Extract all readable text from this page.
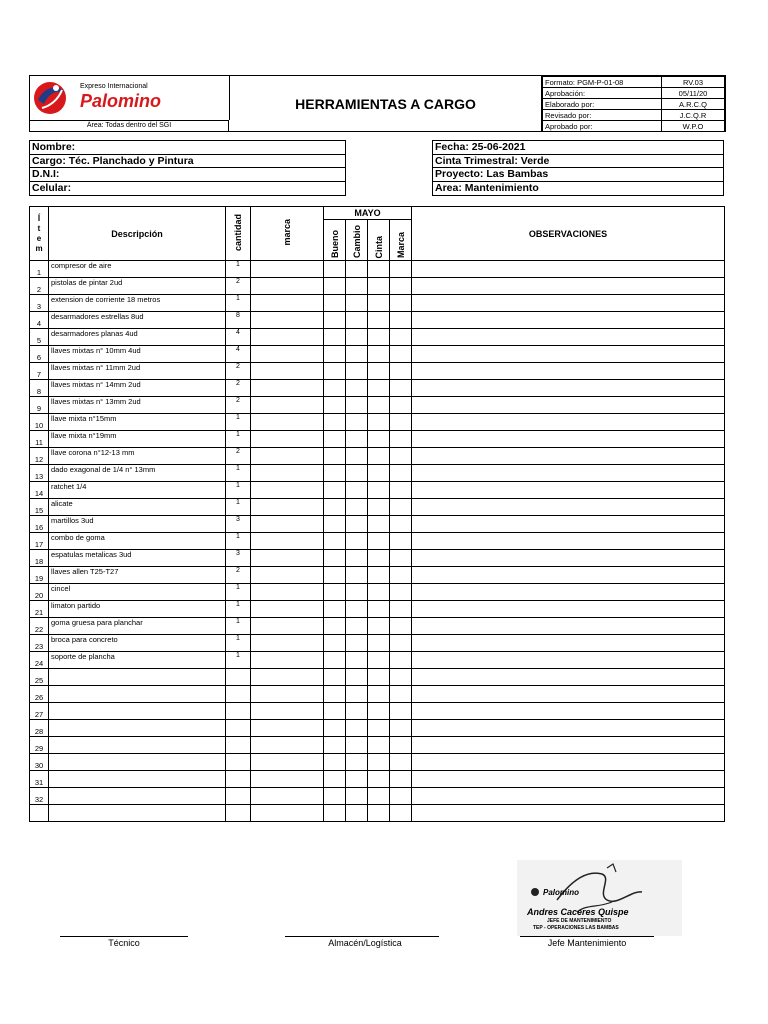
Expreso Internacional
Palomino
Área: Todas dentro del SGI
HERRAMIENTAS A CARGO
Formato: PGM-P-01-08	RV.03
Aprobación:	05/11/20
Elaborado por:	A.R.C.Q
Revisado por:	J.C.Q.R
Aprobado por:	W.P.O
Nombre:
Cargo: Téc. Planchado y Pintura
D.N.I:
Celular:
Fecha: 25-06-2021
Cinta Trimestral: Verde
Proyecto: Las Bambas
Area: Mantenimiento
Í
t
e
m	Descripción	cantidad	marca	MAYO				OBSERVACIONES
				Bueno	Cambio	Cinta	Marca	
1	compresor de aire	1						
2	pistolas de pintar 2ud	2						
3	extension de corriente 18 metros	1						
4	desarmadores estrellas 8ud	8						
5	desarmadores planas 4ud	4						
6	llaves mixtas n° 10mm 4ud	4						
7	llaves mixtas n° 11mm 2ud	2						
8	llaves mixtas n° 14mm 2ud	2						
9	llaves mixtas n° 13mm 2ud	2						
10	llave mixta n°15mm	1						
11	llave mixta n°19mm	1						
12	llave corona n°12-13 mm	2						
13	dado exagonal de 1/4 n° 13mm	1						
14	ratchet 1/4	1						
15	alicate	1						
16	martillos 3ud	3						
17	combo de goma	1						
18	espatulas metalicas 3ud	3						
19	llaves allen T25-T27	2						
20	cincel	1						
21	limaton partido	1						
22	goma gruesa para planchar	1						
23	broca para concreto	1						
24	soporte de plancha	1						
25								
26								
27								
28								
29								
30								
31								
32								

Palomino
Andres Caceres Quispe
JEFE DE MANTENIMIENTO
TEP - OPERACIONES LAS BAMBAS
Técnico	Almacén/Logística	Jefe Mantenimiento
